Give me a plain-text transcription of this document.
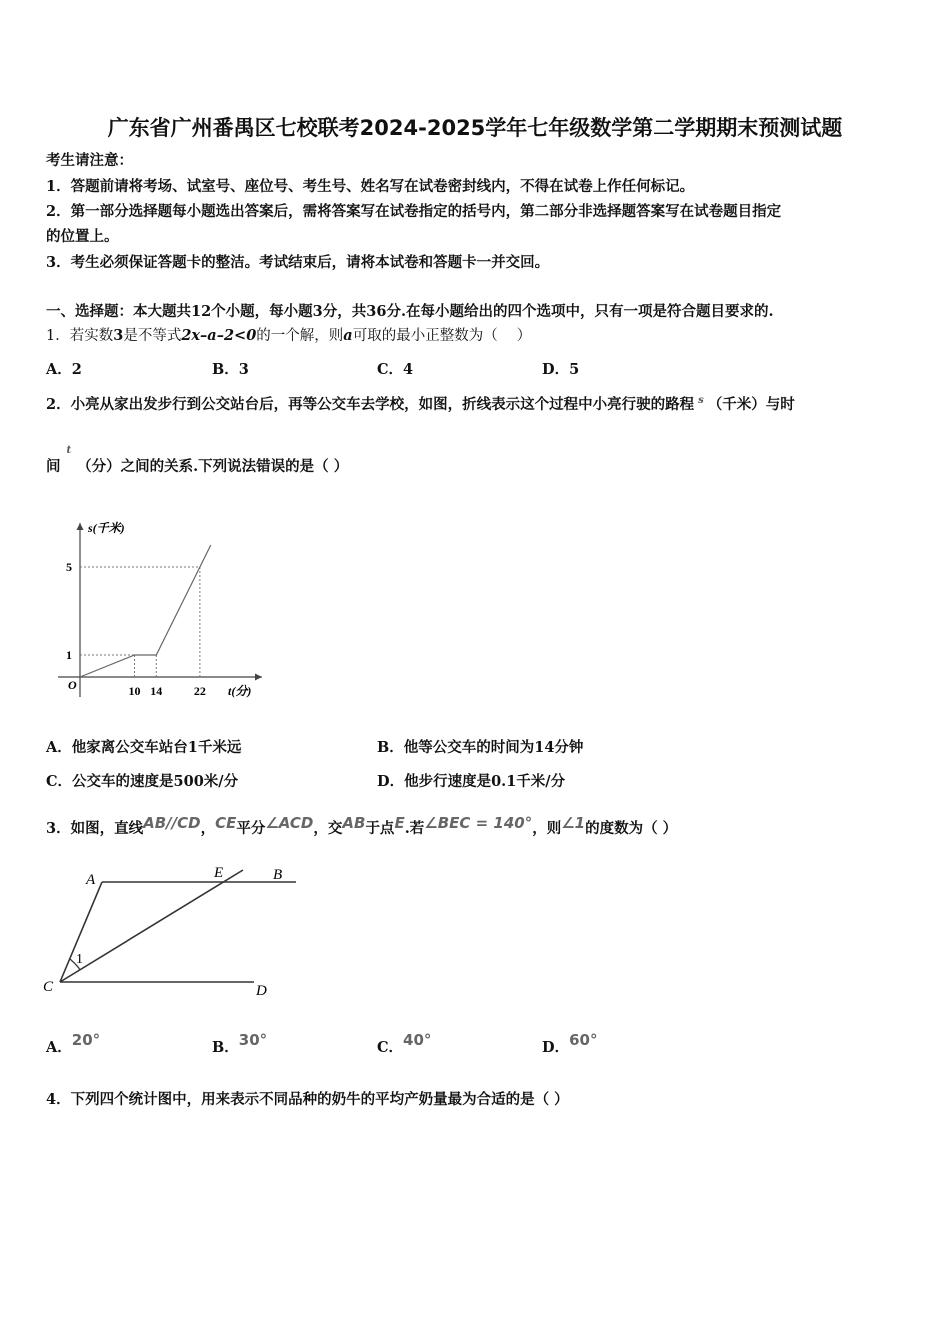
广东省广州番禺区七校联考2024-2025学年七年级数学第二学期期末预测试题
考生请注意：
1．答题前请将考场、试室号、座位号、考生号、姓名写在试卷密封线内，不得在试卷上作任何标记。
2．第一部分选择题每小题选出答案后，需将答案写在试卷指定的括号内，第二部分非选择题答案写在试卷题目指定
的位置上。
3．考生必须保证答题卡的整洁。考试结束后，请将本试卷和答题卡一并交回。
一、选择题：本大题共12个小题，每小题3分，共36分.在每小题给出的四个选项中，只有一项是符合题目要求的.
1．若实数3是不等式2x–a–2<0的一个解，则a可取的最小正整数为（　 ）
A．2	B．3	C．4	D．5
2．小亮从家出发步行到公交站台后，再等公交车去学校，如图，折线表示这个过程中小亮行驶的路程 $^s$ （千米）与时
间$^t$（分）之间的关系.下列说法错误的是（ ）
s(千米)
t(分)
O
5
1
10 14	22
A．他家离公交车站台1千米远	B．他等公交车的时间为14分钟
C．公交车的速度是500米/分	D．他步行速度是0.1千米/分
3．如图，直线AB//CD，CE平分∠ACD，交AB于点E.若∠BEC = 140°，则∠1的度数为（ ）
A	E	B
C	D
1
A．20°	B．30°	C．40°	D．60°
4．下列四个统计图中，用来表示不同品种的奶牛的平均产奶量最为合适的是（ ）
